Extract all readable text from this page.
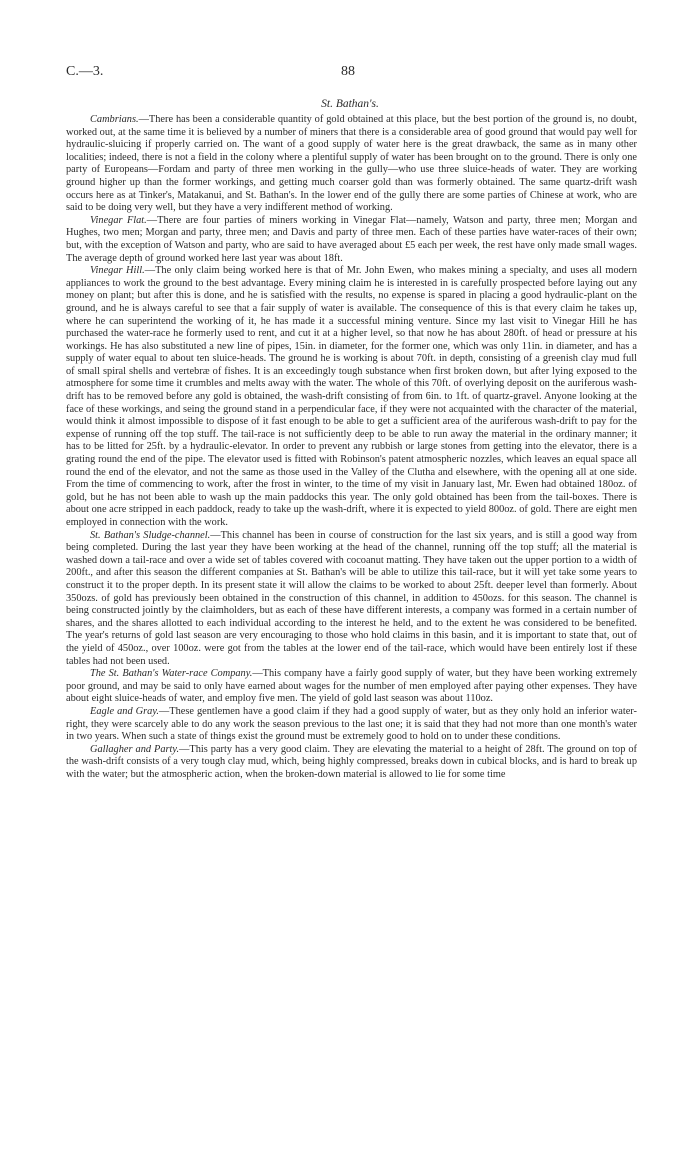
C.—3.	88
St. Bathan's.

Cambrians.—There has been a considerable quantity of gold obtained at this place, but the best portion of the ground is, no doubt, worked out, at the same time it is believed by a number of miners that there is a considerable area of good ground that would pay well for hydraulic-sluicing if properly carried on. The want of a good supply of water here is the great drawback, the same as in many other localities; indeed, there is not a field in the colony where a plentiful supply of water has been brought on to the ground. There is only one party of Europeans—Fordam and party of three men working in the gully—who use three sluice-heads of water. They are working ground higher up than the former workings, and getting much coarser gold than was formerly obtained. The same quartz-drift wash occurs here as at Tinker's, Matakanui, and St. Bathan's. In the lower end of the gully there are some parties of Chinese at work, who are said to be doing very well, but they have a very indifferent method of working.

Vinegar Flat.—There are four parties of miners working in Vinegar Flat—namely, Watson and party, three men; Morgan and Hughes, two men; Morgan and party, three men; and Davis and party of three men. Each of these parties have water-races of their own; but, with the exception of Watson and party, who are said to have averaged about £5 each per week, the rest have only made small wages. The average depth of ground worked here last year was about 18ft.

Vinegar Hill.—The only claim being worked here is that of Mr. John Ewen, who makes mining a specialty, and uses all modern appliances to work the ground to the best advantage. Every mining claim he is interested in is carefully prospected before laying out any money on plant; but after this is done, and he is satisfied with the results, no expense is spared in placing a good hydraulic-plant on the ground, and he is always careful to see that a fair supply of water is available. The consequence of this is that every claim he takes up, where he can superintend the working of it, he has made it a successful mining venture. Since my last visit to Vinegar Hill he has purchased the water-race he formerly used to rent, and cut it at a higher level, so that now he has about 280ft. of head or pressure at his workings. He has also substituted a new line of pipes, 15in. in diameter, for the former one, which was only 11in. in diameter, and has a supply of water equal to about ten sluice-heads. The ground he is working is about 70ft. in depth, consisting of a greenish clay mud full of small spiral shells and vertebræ of fishes. It is an exceedingly tough substance when first broken down, but after lying exposed to the atmosphere for some time it crumbles and melts away with the water. The whole of this 70ft. of overlying deposit on the auriferous wash-drift has to be removed before any gold is obtained, the wash-drift consisting of from 6in. to 1ft. of quartz-gravel. Anyone looking at the face of these workings, and seing the ground stand in a perpendicular face, if they were not acquainted with the character of the material, would think it almost impossible to dispose of it fast enough to be able to get a sufficient area of the auriferous wash-drift to pay for the expense of running off the top stuff. The tail-race is not sufficiently deep to be able to run away the material in the ordinary manner; it has to be litted for 25ft. by a hydraulic-elevator. In order to prevent any rubbish or large stones from getting into the elevator, there is a grating round the end of the pipe. The elevator used is fitted with Robinson's patent atmospheric nozzles, which leaves an equal space all round the end of the elevator, and not the same as those used in the Valley of the Clutha and elsewhere, with the opening all at one side. From the time of commencing to work, after the frost in winter, to the time of my visit in January last, Mr. Ewen had obtained 180oz. of gold, but he has not been able to wash up the main paddocks this year. The only gold obtained has been from the tail-boxes. There is about one acre stripped in each paddock, ready to take up the wash-drift, where it is expected to yield 800oz. of gold. There are eight men employed in connection with the work.

St. Bathan's Sludge-channel.—This channel has been in course of construction for the last six years, and is still a good way from being completed. During the last year they have been working at the head of the channel, running off the top stuff; all the material is washed down a tail-race and over a wide set of tables covered with cocoanut matting. They have taken out the upper portion to a width of 200ft., and after this season the different companies at St. Bathan's will be able to utilize this tail-race, but it will yet take some years to construct it to the proper depth. In its present state it will allow the claims to be worked to about 25ft. deeper level than formerly. About 350ozs. of gold has previously been obtained in the construction of this channel, in addition to 450ozs. for this season. The channel is being constructed jointly by the claimholders, but as each of these have different interests, a company was formed in a certain number of shares, and the shares allotted to each individual according to the interest he held, and to the extent he was considered to be benefited. The year's returns of gold last season are very encouraging to those who hold claims in this basin, and it is important to state that, out of the yield of 450oz., over 100oz. were got from the tables at the lower end of the tail-race, which would have been entirely lost if these tables had not been used.

The St. Bathan's Water-race Company.—This company have a fairly good supply of water, but they have been working extremely poor ground, and may be said to only have earned about wages for the number of men employed after paying other expenses. They have about eight sluice-heads of water, and employ five men. The yield of gold last season was about 110oz.

Eagle and Gray.—These gentlemen have a good claim if they had a good supply of water, but as they only hold an inferior water-right, they were scarcely able to do any work the season previous to the last one; it is said that they had not more than one month's water in two years. When such a state of things exist the ground must be extremely good to hold on to under these conditions.

Gallagher and Party.—This party has a very good claim. They are elevating the material to a height of 28ft. The ground on top of the wash-drift consists of a very tough clay mud, which, being highly compressed, breaks down in cubical blocks, and is hard to break up with the water; but the atmospheric action, when the broken-down material is allowed to lie for some time
